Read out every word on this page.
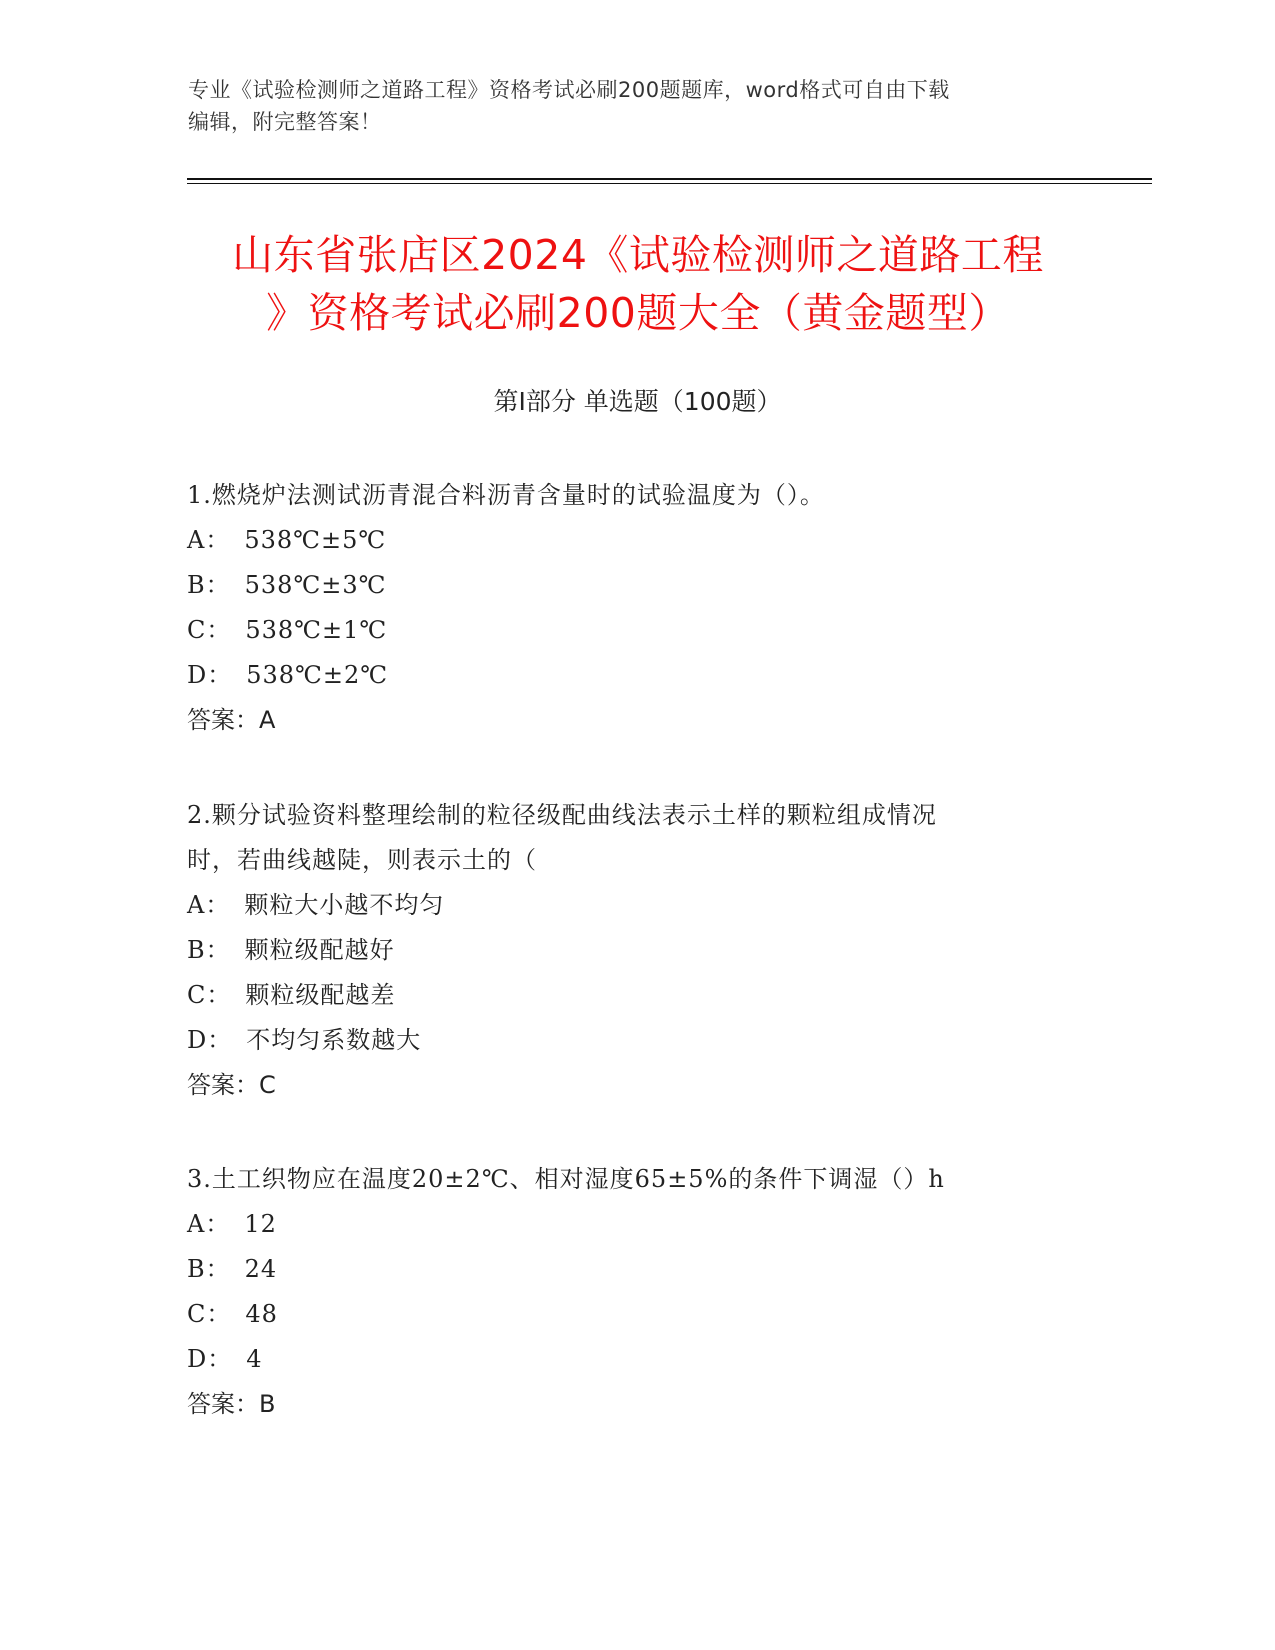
专业《试验检测师之道路工程》资格考试必刷200题题库，word格式可自由下载
编辑，附完整答案！
山东省张店区2024《试验检测师之道路工程
》资格考试必刷200题大全（黄金题型）
第Ⅰ部分 单选题（100题）
1.燃烧炉法测试沥青混合料沥青含量时的试验温度为（）。
A ： 538℃±5℃
B ： 538℃±3℃
C ： 538℃±1℃
D ： 538℃±2℃
答案： A
2.颗分试验资料整理绘制的粒径级配曲线法表示土样的颗粒组成情况
时，若曲线越陡，则表示土的（
A ： 颗粒大小越不均匀
B ： 颗粒级配越好
C ： 颗粒级配越差
D ： 不均匀系数越大
答案： C
3.土工织物应在温度20±2℃、相对湿度65±5%的条件下调湿（）h
A ： 12
B ： 24
C ： 48
D ： 4
答案： B
